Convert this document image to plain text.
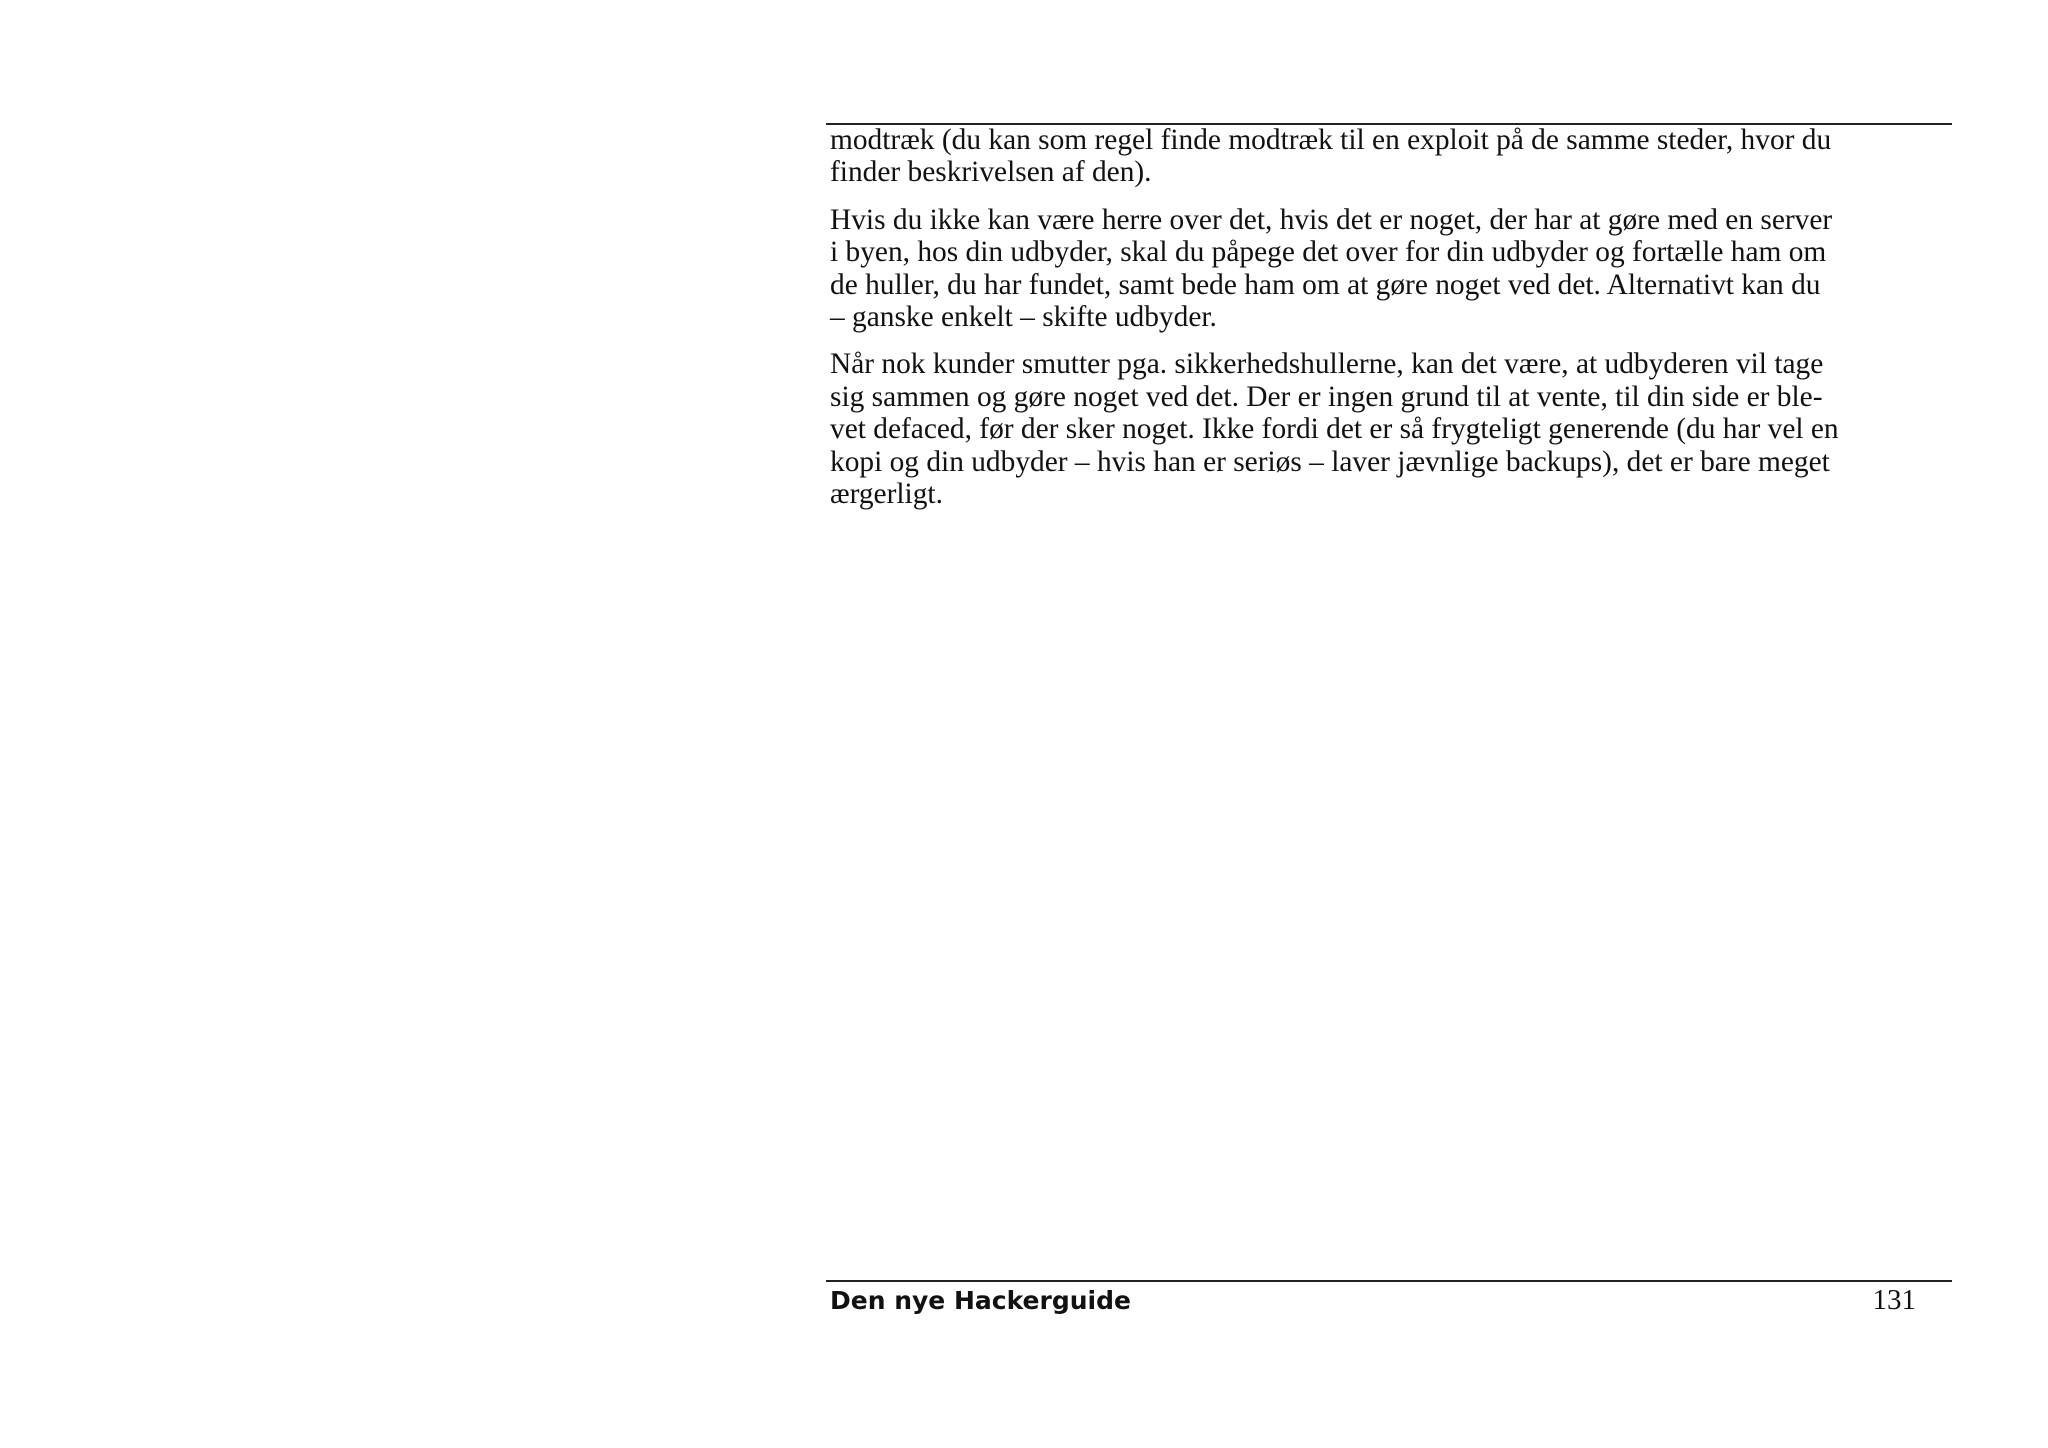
modtræk (du kan som regel finde modtræk til en exploit på de samme steder, hvor du
finder beskrivelsen af den).

Hvis du ikke kan være herre over det, hvis det er noget, der har at gøre med en server
i byen, hos din udbyder, skal du påpege det over for din udbyder og fortælle ham om
de huller, du har fundet, samt bede ham om at gøre noget ved det. Alternativt kan du
– ganske enkelt – skifte udbyder.

Når nok kunder smutter pga. sikkerhedshullerne, kan det være, at udbyderen vil tage
sig sammen og gøre noget ved det. Der er ingen grund til at vente, til din side er ble-
vet defaced, før der sker noget. Ikke fordi det er så frygteligt generende (du har vel en
kopi og din udbyder – hvis han er seriøs – laver jævnlige backups), det er bare meget
ærgerligt.

Den nye Hackerguide	131
